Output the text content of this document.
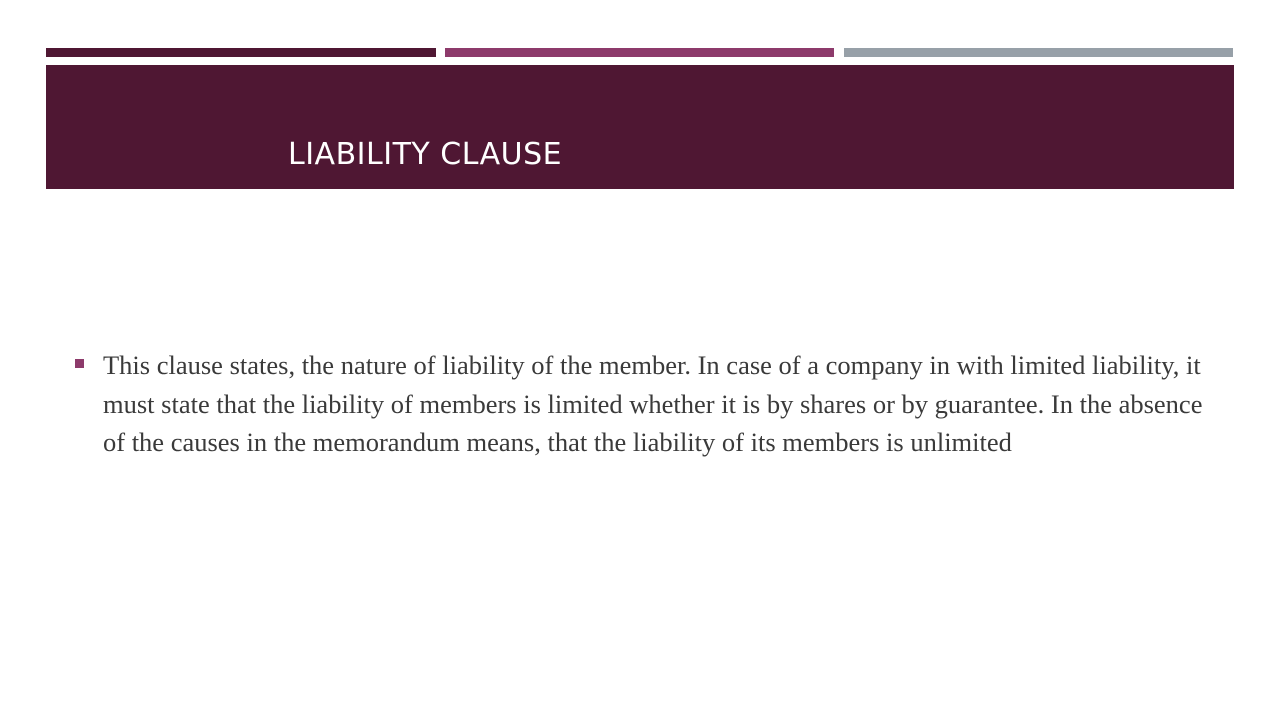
LIABILITY CLAUSE

This clause states, the nature of liability of the member. In case of a company in with limited liability, it must state that the liability of members is limited whether it is by shares or by guarantee. In the absence of the causes in the memorandum means, that the liability of its members is unlimited
